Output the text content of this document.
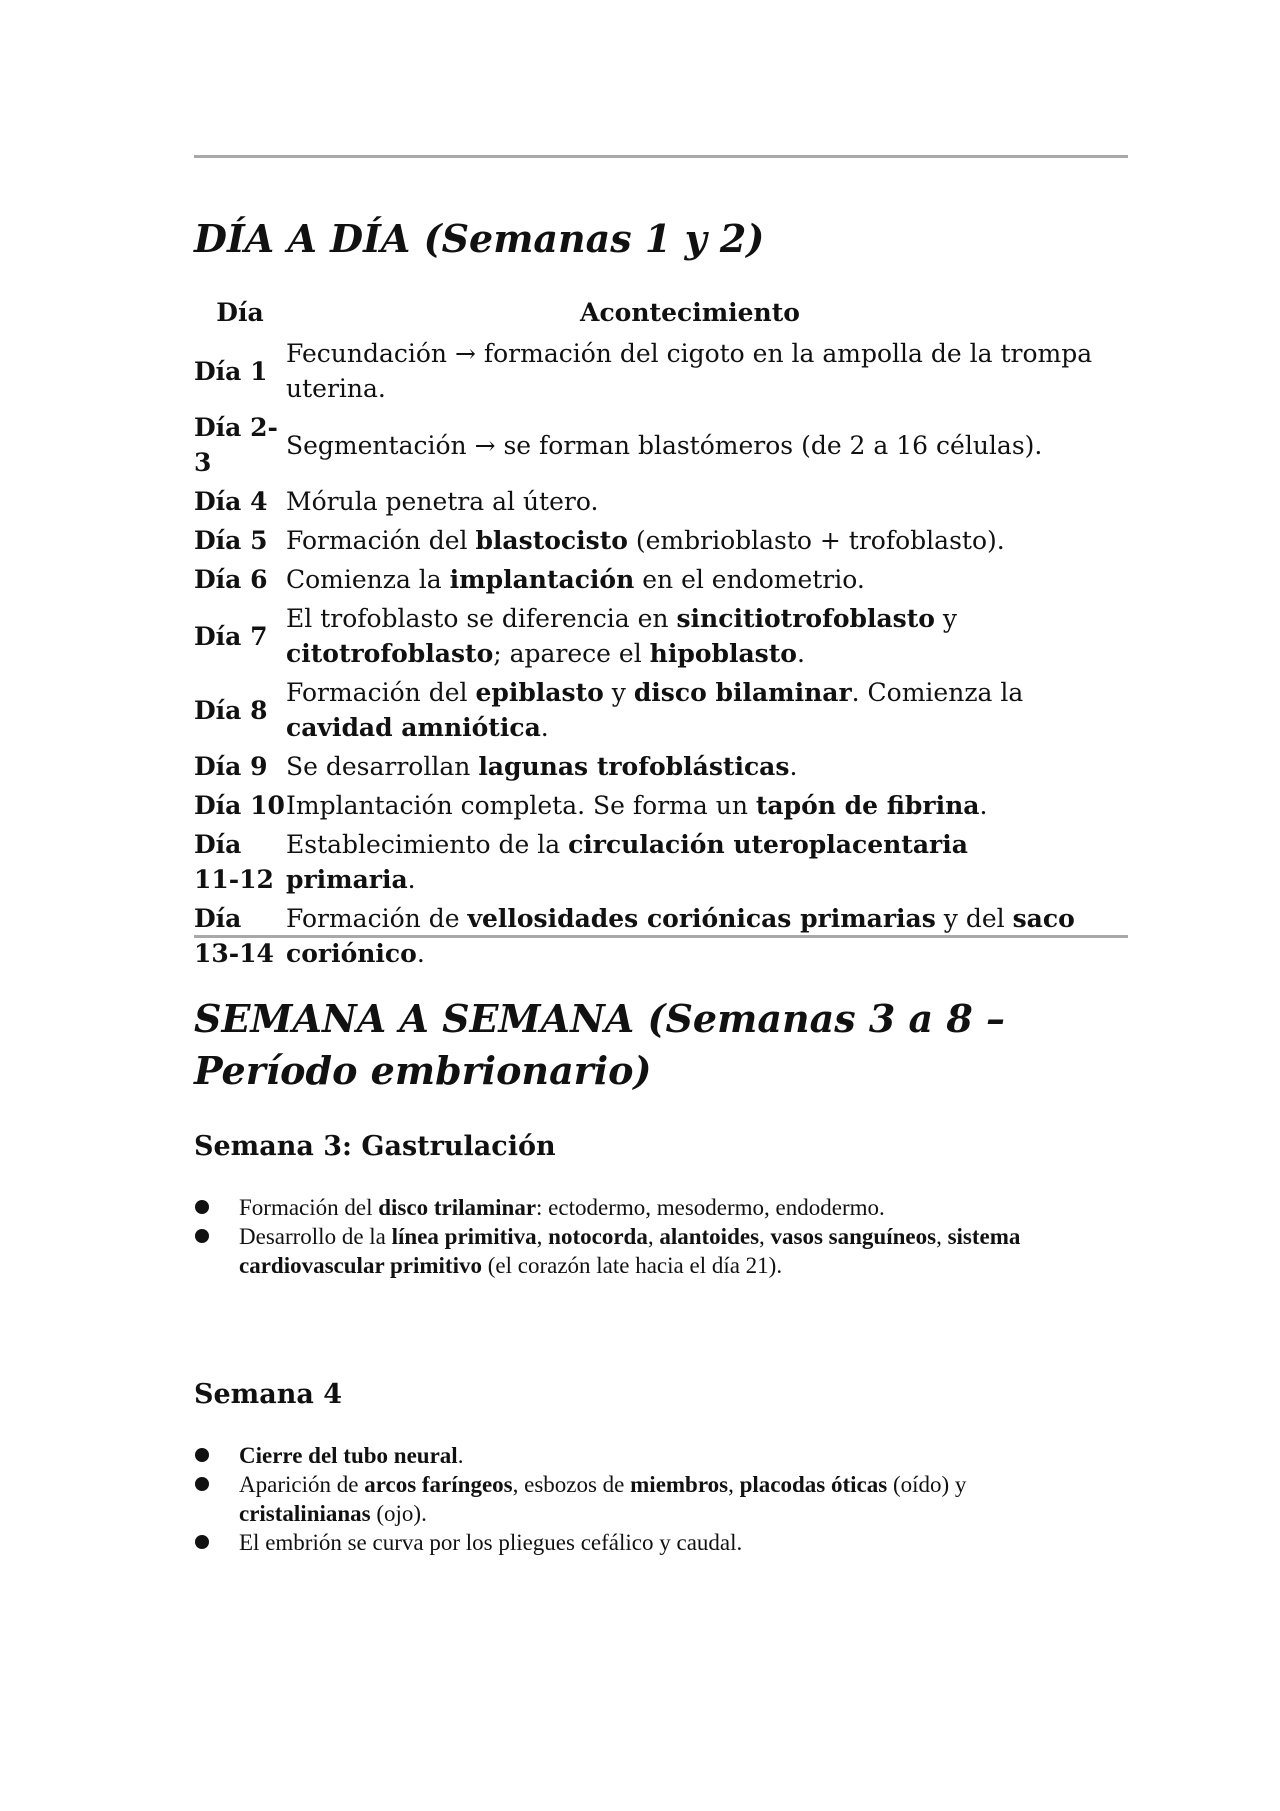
DÍA A DÍA (Semanas 1 y 2)
Día	Acontecimiento
Día 1	Fecundación → formación del cigoto en la ampolla de la trompa uterina.
Día 2-3	Segmentación → se forman blastómeros (de 2 a 16 células).
Día 4	Mórula penetra al útero.
Día 5	Formación del blastocisto (embrioblasto + trofoblasto).
Día 6	Comienza la implantación en el endometrio.
Día 7	El trofoblasto se diferencia en sincitiotrofoblasto y citotrofoblasto; aparece el hipoblasto.
Día 8	Formación del epiblasto y disco bilaminar. Comienza la cavidad amniótica.
Día 9	Se desarrollan lagunas trofoblásticas.
Día 10	Implantación completa. Se forma un tapón de fibrina.
Día 11-12	Establecimiento de la circulación uteroplacentaria primaria.
Día 13-14	Formación de vellosidades coriónicas primarias y del saco coriónico.
SEMANA A SEMANA (Semanas 3 a 8 – Período embrionario)
Semana 3: Gastrulación
Formación del disco trilaminar: ectodermo, mesodermo, endodermo.
Desarrollo de la línea primitiva, notocorda, alantoides, vasos sanguíneos, sistema cardiovascular primitivo (el corazón late hacia el día 21).
Semana 4
Cierre del tubo neural.
Aparición de arcos faríngeos, esbozos de miembros, placodas óticas (oído) y cristalinianas (ojo).
El embrión se curva por los pliegues cefálico y caudal.
